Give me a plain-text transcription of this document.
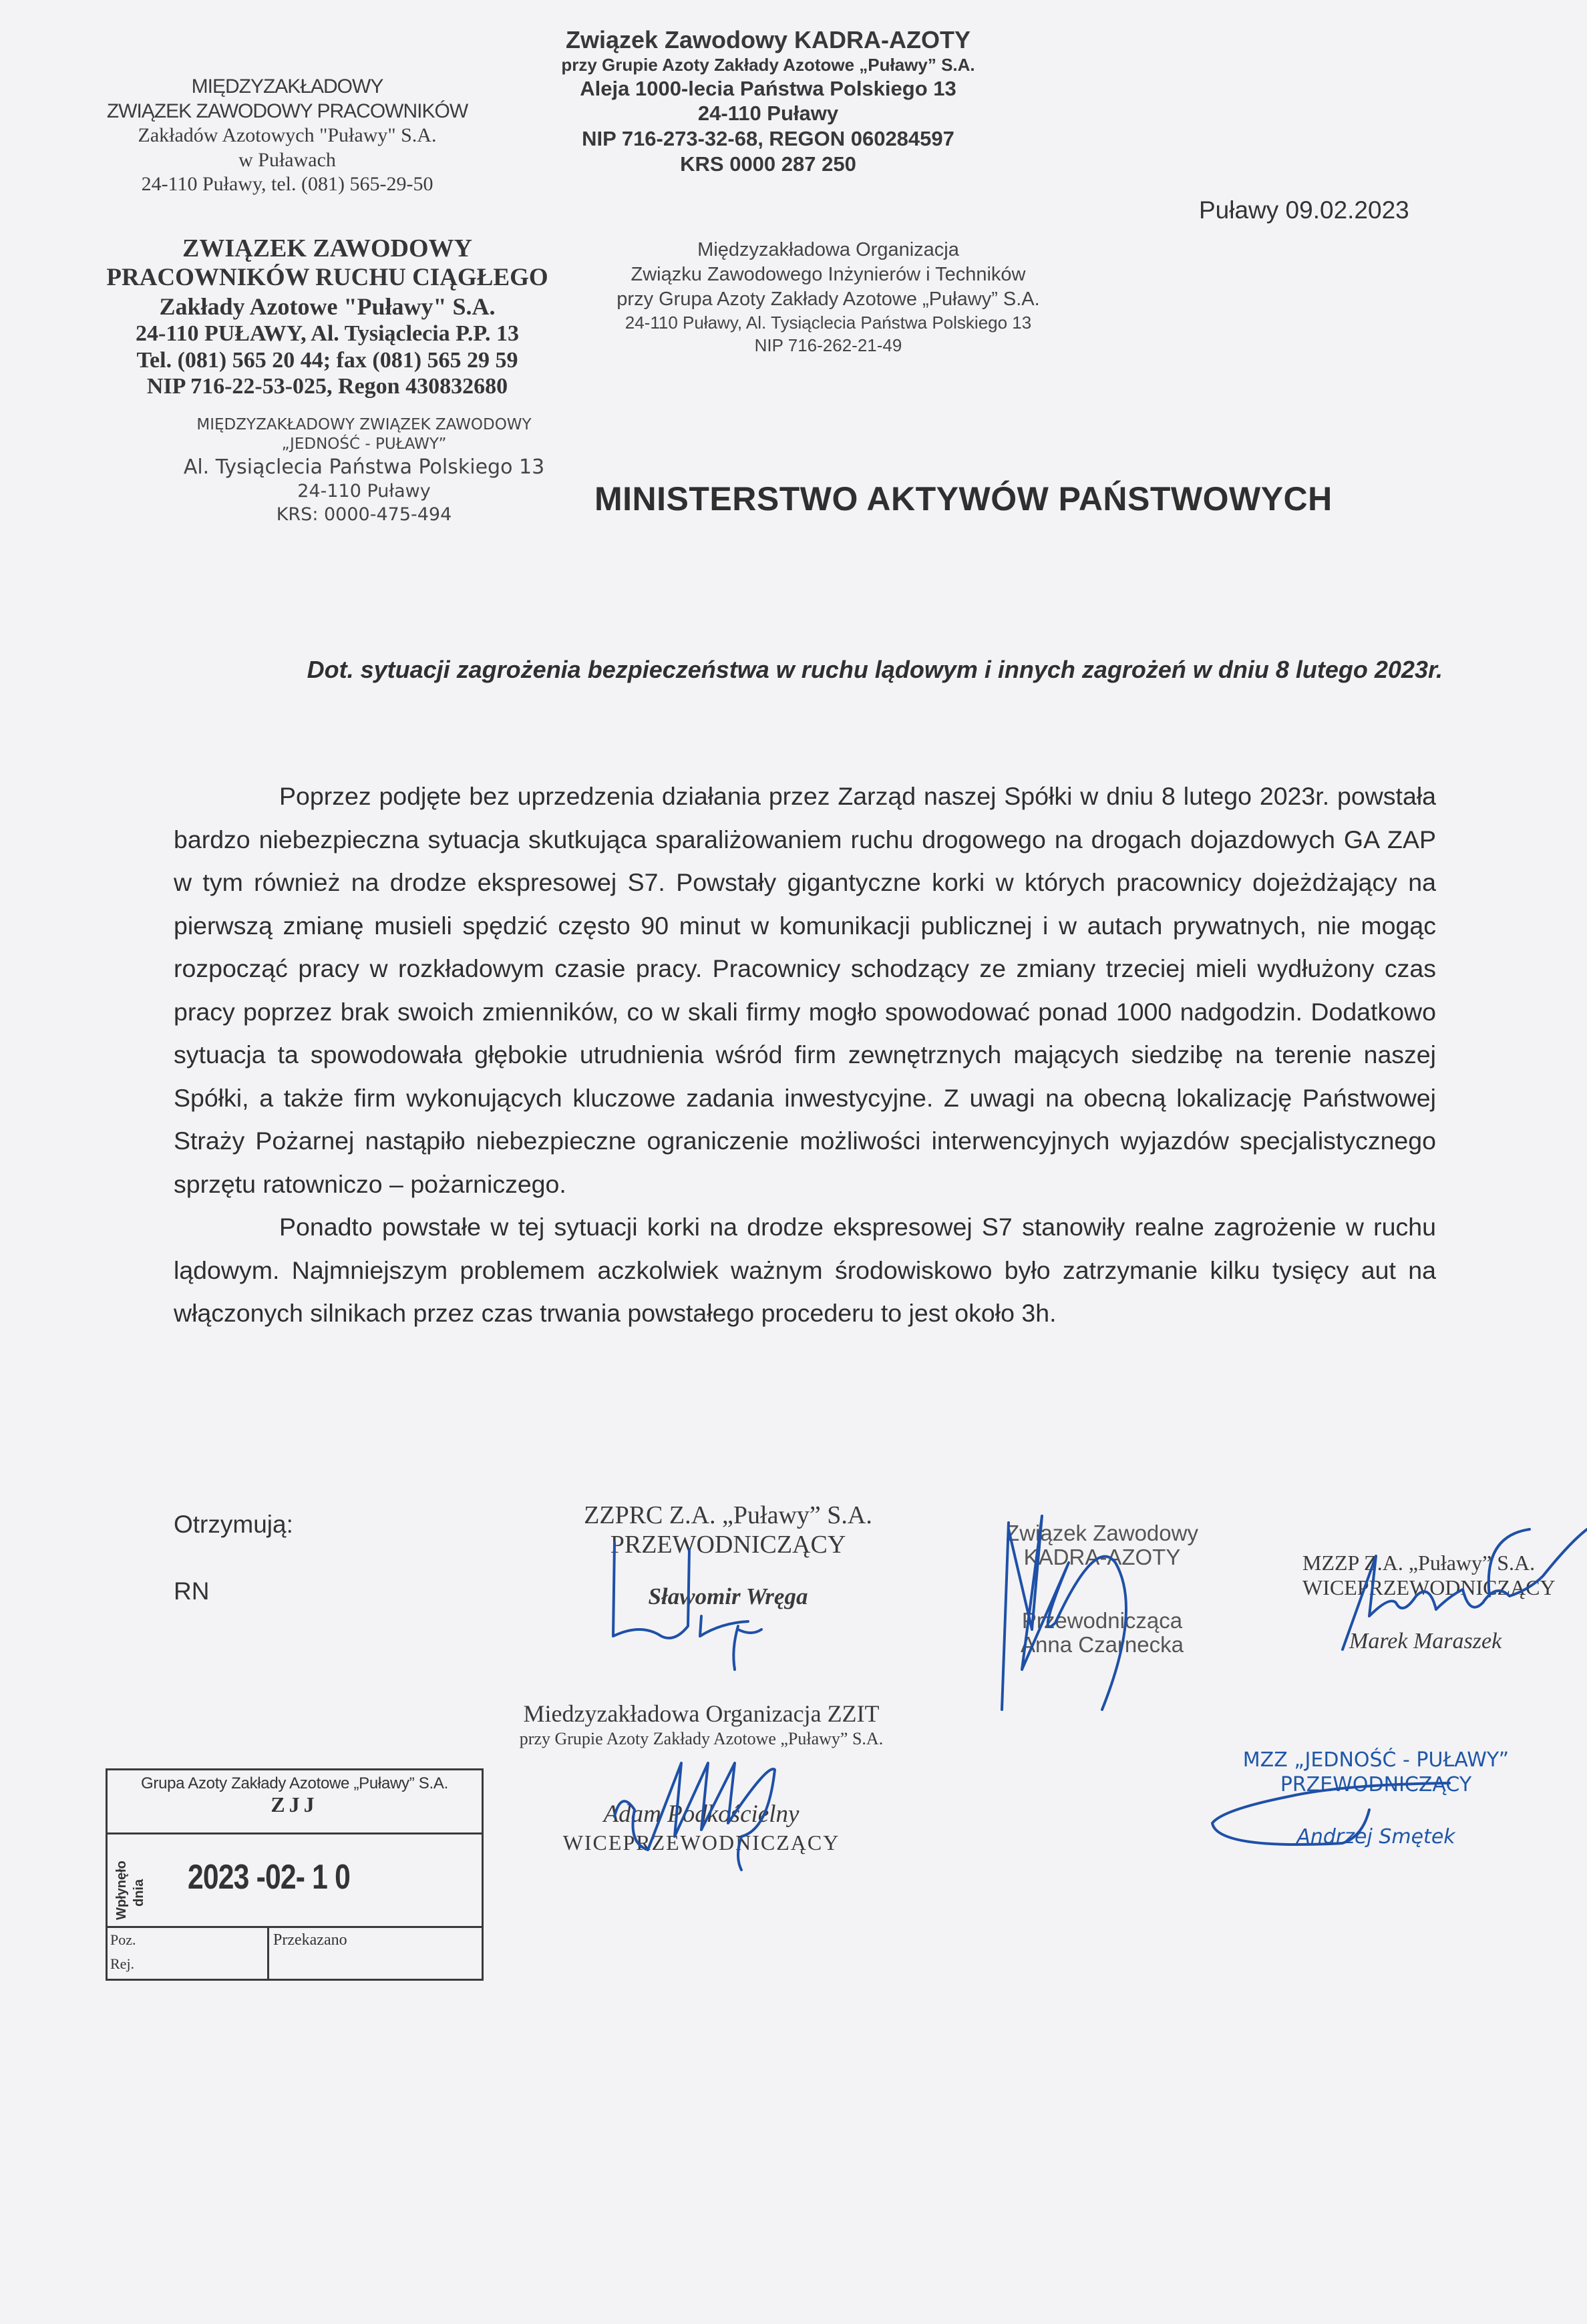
MIĘDZYZAKŁADOWY
ZWIĄZEK ZAWODOWY PRACOWNIKÓW
Zakładów Azotowych "Puławy" S.A.
w Puławach
24-110 Puławy, tel. (081) 565-29-50
Związek Zawodowy KADRA-AZOTY
przy Grupie Azoty Zakłady Azotowe „Puławy” S.A.
Aleja 1000-lecia Państwa Polskiego 13
24-110 Puławy
NIP 716-273-32-68, REGON 060284597
KRS 0000 287 250
Puławy 09.02.2023
ZWIĄZEK ZAWODOWY
PRACOWNIKÓW RUCHU CIĄGŁEGO
Zakłady Azotowe "Puławy" S.A.
24-110 PUŁAWY, Al. Tysiąclecia P.P. 13
Tel. (081) 565 20 44; fax (081) 565 29 59
NIP 716-22-53-025, Regon 430832680
Międzyzakładowa Organizacja
Związku Zawodowego Inżynierów i Techników
przy Grupa Azoty Zakłady Azotowe „Puławy” S.A.
24-110 Puławy, Al. Tysiąclecia Państwa Polskiego 13
NIP 716-262-21-49
MIĘDZYZAKŁADOWY ZWIĄZEK ZAWODOWY
„JEDNOŚĆ - PUŁAWY”
Al. Tysiąclecia Państwa Polskiego 13
24-110 Puławy
KRS: 0000-475-494	MINISTERSTWO AKTYWÓW PAŃSTWOWYCH
Dot. sytuacji zagrożenia bezpieczeństwa w ruchu lądowym i innych zagrożeń w dniu 8 lutego 2023r.

Poprzez podjęte bez uprzedzenia działania przez Zarząd naszej Spółki w dniu 8 lutego 2023r. powstała bardzo niebezpieczna sytuacja skutkująca sparaliżowaniem ruchu drogowego na drogach dojazdowych GA ZAP w tym również na drodze ekspresowej S7. Powstały gigantyczne korki w których pracownicy dojeżdżający na pierwszą zmianę musieli spędzić często 90 minut w komunikacji publicznej i w autach prywatnych, nie mogąc rozpocząć pracy w rozkładowym czasie pracy. Pracownicy schodzący ze zmiany trzeciej mieli wydłużony czas pracy poprzez brak swoich zmienników, co w skali firmy mogło spowodować ponad 1000 nadgodzin. Dodatkowo sytuacja ta spowodowała głębokie utrudnienia wśród firm zewnętrznych mających siedzibę na terenie naszej Spółki, a także firm wykonujących kluczowe zadania inwestycyjne. Z uwagi na obecną lokalizację Państwowej Straży Pożarnej nastąpiło niebezpieczne ograniczenie możliwości interwencyjnych wyjazdów specjalistycznego sprzętu ratowniczo – pożarniczego.

Ponadto powstałe w tej sytuacji korki na drodze ekspresowej S7 stanowiły realne zagrożenie w ruchu lądowym. Najmniejszym problemem aczkolwiek ważnym środowiskowo było zatrzymanie kilku tysięcy aut na włączonych silnikach przez czas trwania powstałego procederu to jest około 3h.

Otrzymują:
RN
ZZPRC Z.A. „Puławy” S.A.
PRZEWODNICZĄCY
Sławomir Wręga
Związek Zawodowy
KADRA-AZOTY
Przewodnicząca
Anna Czarnecka
MZZP Z.A. „Puławy” S.A.
WICEPRZEWODNICZĄCY
Marek Maraszek
Miedzyzakładowa Organizacja ZZIT
przy Grupie Azoty Zakłady Azotowe „Puławy” S.A.
Adam Podkościelny
WICEPRZEWODNICZĄCY
MZZ „JEDNOŚĆ - PUŁAWY”
PRZEWODNICZĄCY
Andrzej Smętek
Grupa Azoty Zakłady Azotowe „Puławy” S.A.
ZJJ
Wpłynęło dnia 2023 -02- 1 0
Poz.
Rej.
Przekazano
